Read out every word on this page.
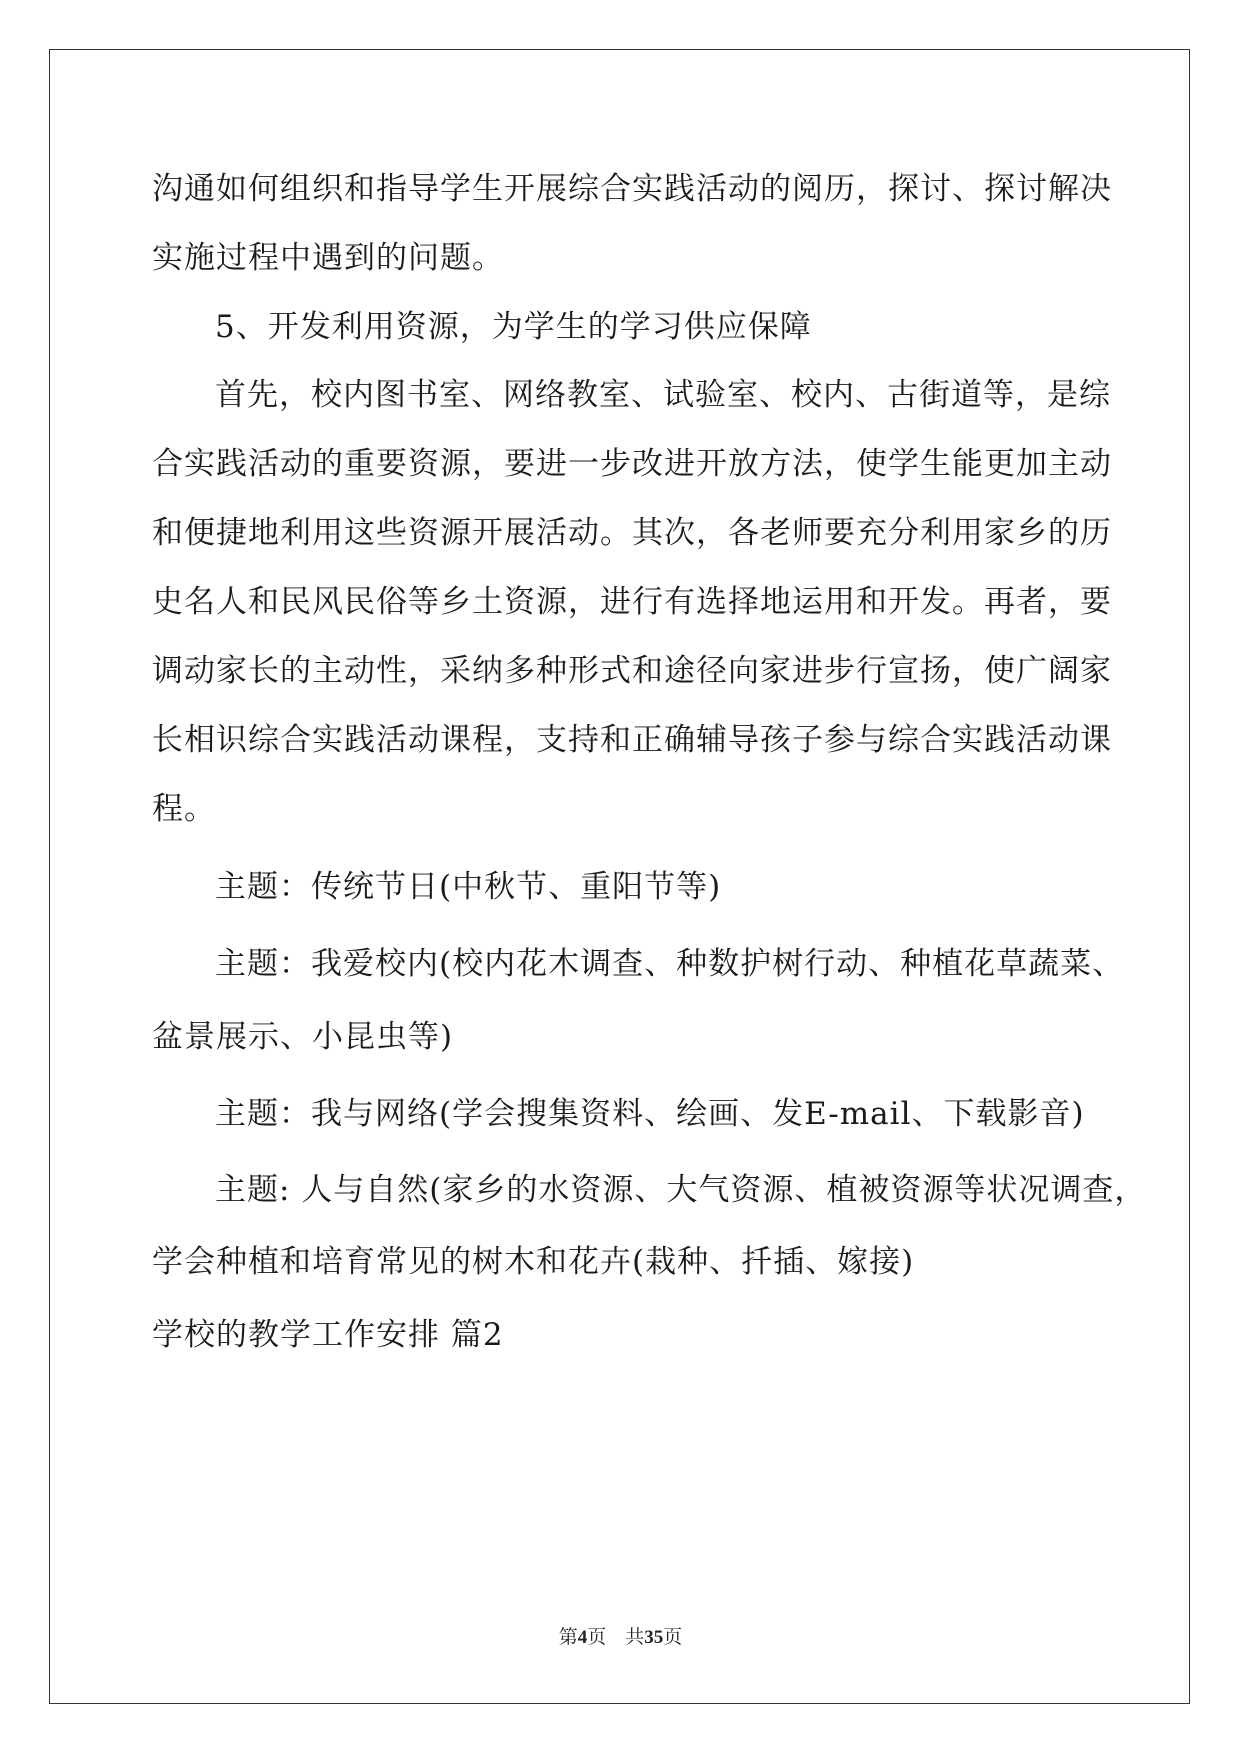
沟通如何组织和指导学生开展综合实践活动的阅历，探讨、探讨解决
实施过程中遇到的问题。
5、开发利用资源，为学生的学习供应保障
首先，校内图书室、网络教室、试验室、校内、古街道等，是综
合实践活动的重要资源，要进一步改进开放方法，使学生能更加主动
和便捷地利用这些资源开展活动。其次，各老师要充分利用家乡的历
史名人和民风民俗等乡土资源，进行有选择地运用和开发。再者，要
调动家长的主动性，采纳多种形式和途径向家进步行宣扬，使广阔家
长相识综合实践活动课程，支持和正确辅导孩子参与综合实践活动课
程。
主题：传统节日(中秋节、重阳节等)
主题：我爱校内(校内花木调查、种数护树行动、种植花草蔬菜、
盆景展示、小昆虫等)
主题：我与网络(学会搜集资料、绘画、发E-mail、下载影音)
主题: 人与自然(家乡的水资源、大气资源、植被资源等状况调查，
学会种植和培育常见的树木和花卉(栽种、扦插、嫁接)
学校的教学工作安排 篇2
第4页　共35页
